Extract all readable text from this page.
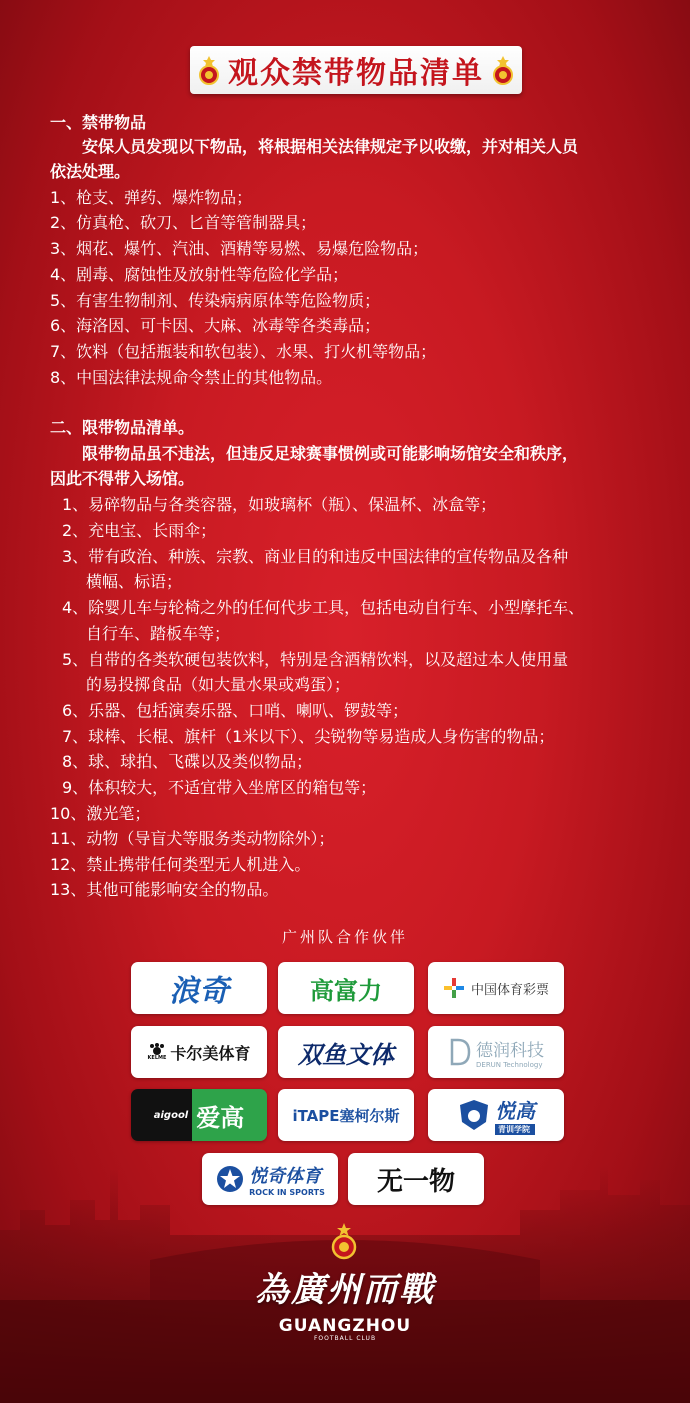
观众禁带物品清单
一、禁带物品
安保人员发现以下物品，将根据相关法律规定予以收缴，并对相关人员
依法处理。
1、枪支、弹药、爆炸物品；
2、仿真枪、砍刀、匕首等管制器具；
3、烟花、爆竹、汽油、酒精等易燃、易爆危险物品；
4、剧毒、腐蚀性及放射性等危险化学品；
5、有害生物制剂、传染病病原体等危险物质；
6、海洛因、可卡因、大麻、冰毒等各类毒品；
7、饮料（包括瓶装和软包装）、水果、打火机等物品；
8、中国法律法规命令禁止的其他物品。
二、限带物品清单。
限带物品虽不违法，但违反足球赛事惯例或可能影响场馆安全和秩序，
因此不得带入场馆。
1、易碎物品与各类容器，如玻璃杯（瓶）、保温杯、冰盒等；
2、充电宝、长雨伞；
3、带有政治、种族、宗教、商业目的和违反中国法律的宣传物品及各种
横幅、标语；
4、除婴儿车与轮椅之外的任何代步工具，包括电动自行车、小型摩托车、
自行车、踏板车等；
5、自带的各类软硬包装饮料，特别是含酒精饮料，以及超过本人使用量
的易投掷食品（如大量水果或鸡蛋）；
6、乐器、包括演奏乐器、口哨、喇叭、锣鼓等；
7、球棒、长棍、旗杆（1米以下）、尖锐物等易造成人身伤害的物品；
8、球、球拍、飞碟以及类似物品；
9、体积较大，不适宜带入坐席区的箱包等；
10、激光笔；
11、动物（导盲犬等服务类动物除外）；
12、禁止携带任何类型无人机进入。
13、其他可能影响安全的物品。
广州队合作伙伴
浪奇	高富力	中国体育彩票
KELME 卡尔美体育 双鱼文体	德润科技
DERUN Technology
aigool 爱高	iTAPE塞柯尔斯	悦高
青训学院
悦奇体育
ROCK IN SPORTS 无一物
為廣州而戰
GUANGZHOU
FOOTBALL CLUB
